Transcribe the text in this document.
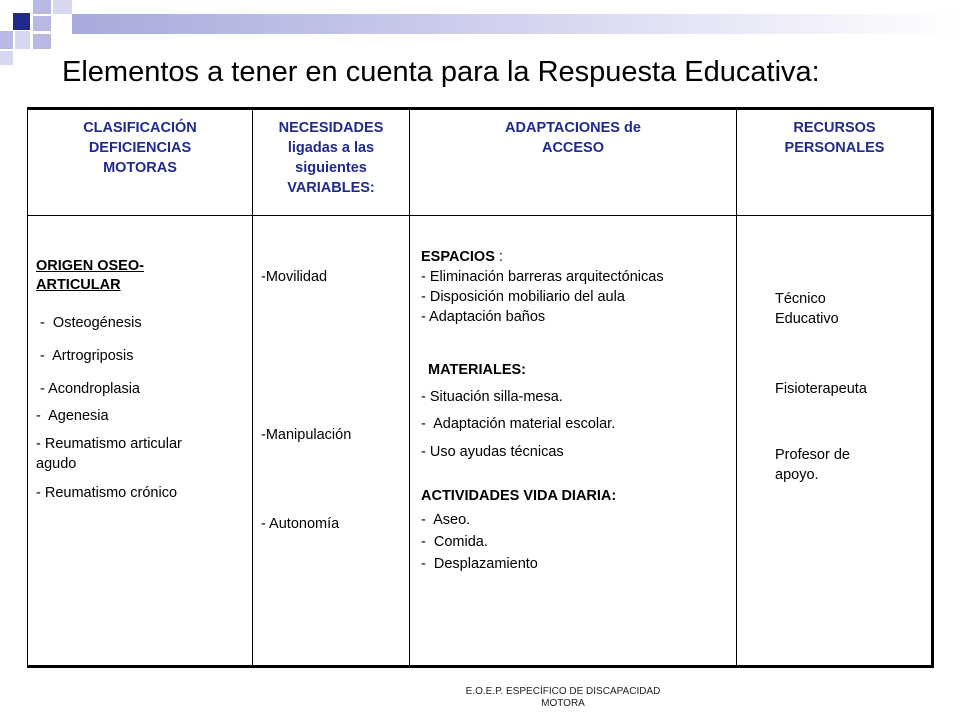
Elementos a tener en cuenta para la Respuesta Educativa:
CLASIFICACIÓN
DEFICIENCIAS
MOTORAS
NECESIDADES
ligadas a las
siguientes
VARIABLES:
ADAPTACIONES de
ACCESO
RECURSOS
PERSONALES
ORIGEN OSEO-
ARTICULAR
-  Osteogénesis
-  Artrogriposis
- Acondroplasia
-  Agenesia
- Reumatismo articular
agudo
- Reumatismo crónico
-Movilidad
-Manipulación
- Autonomía
ESPACIOS :
- Eliminación barreras arquitectónicas
- Disposición mobiliario del aula
- Adaptación baños
MATERIALES:
- Situación silla-mesa.
-  Adaptación material escolar.
- Uso ayudas técnicas
ACTIVIDADES VIDA DIARIA:
-  Aseo.
-  Comida.
-  Desplazamiento
Técnico
Educativo
Fisioterapeuta
Profesor de
apoyo.
E.O.E.P. ESPECÍFICO DE DISCAPACIDAD
MOTORA
